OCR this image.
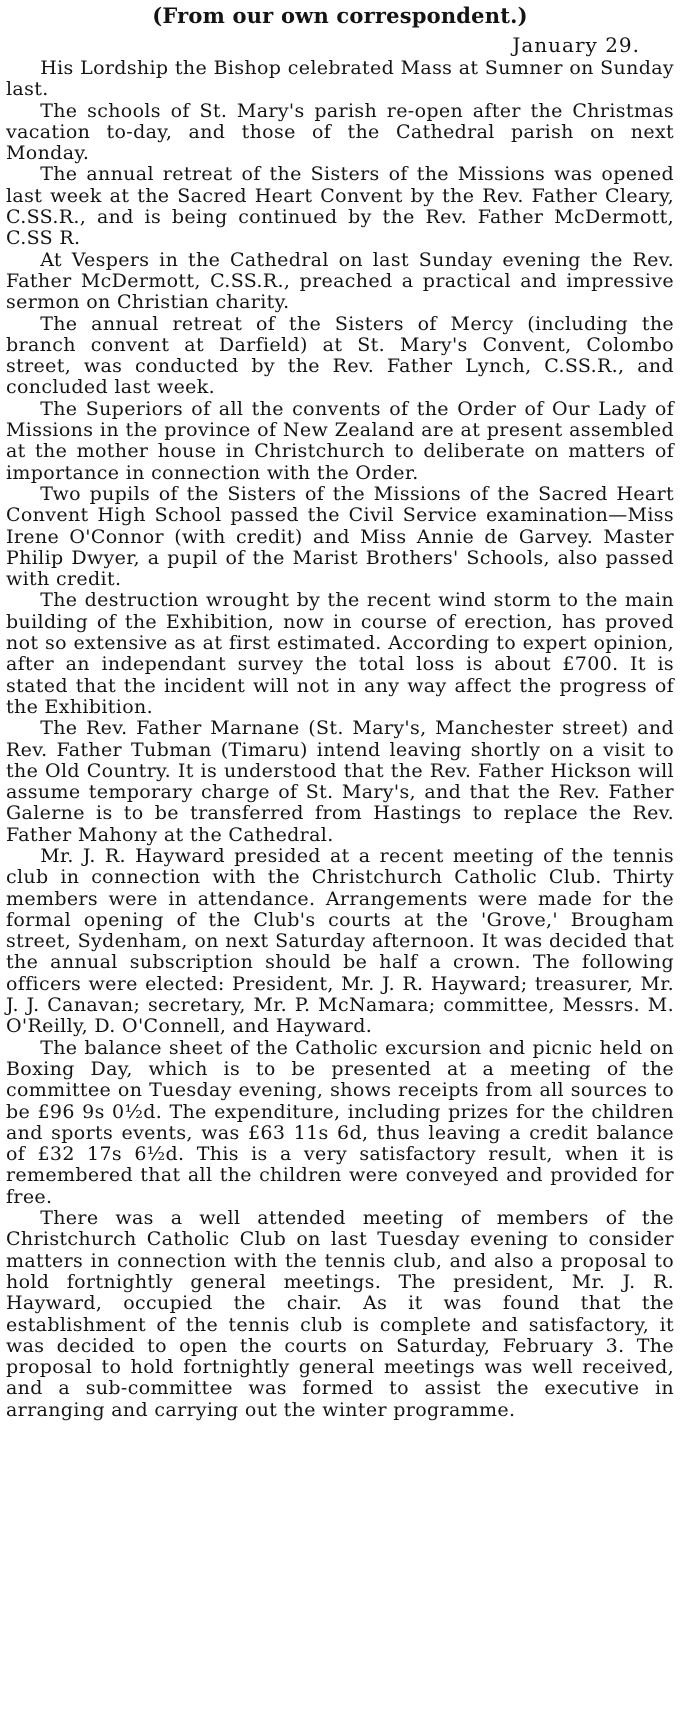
(From our own correspondent.)
January 29.

His Lordship the Bishop celebrated Mass at Sumner on Sunday last.

The schools of St. Mary's parish re-open after the Christmas vacation to-day, and those of the Cathedral parish on next Monday.

The annual retreat of the Sisters of the Missions was opened last week at the Sacred Heart Convent by the Rev. Father Cleary, C.SS.R., and is being continued by the Rev. Father McDermott, C.SS R.

At Vespers in the Cathedral on last Sunday evening the Rev. Father McDermott, C.SS.R., preached a practical and impressive sermon on Christian charity.

The annual retreat of the Sisters of Mercy (including the branch convent at Darfield) at St. Mary's Convent, Colombo street, was conducted by the Rev. Father Lynch, C.SS.R., and concluded last week.

The Superiors of all the convents of the Order of Our Lady of Missions in the province of New Zealand are at present assembled at the mother house in Christchurch to deliberate on matters of importance in connection with the Order.

Two pupils of the Sisters of the Missions of the Sacred Heart Convent High School passed the Civil Service examination—Miss Irene O'Connor (with credit) and Miss Annie de Garvey. Master Philip Dwyer, a pupil of the Marist Brothers' Schools, also passed with credit.

The destruction wrought by the recent wind storm to the main building of the Exhibition, now in course of erection, has proved not so extensive as at first estimated. According to expert opinion, after an independant survey the total loss is about £700. It is stated that the incident will not in any way affect the progress of the Exhibition.

The Rev. Father Marnane (St. Mary's, Manchester street) and Rev. Father Tubman (Timaru) intend leaving shortly on a visit to the Old Country. It is understood that the Rev. Father Hickson will assume temporary charge of St. Mary's, and that the Rev. Father Galerne is to be transferred from Hastings to replace the Rev. Father Mahony at the Cathedral.

Mr. J. R. Hayward presided at a recent meeting of the tennis club in connection with the Christchurch Catholic Club. Thirty members were in attendance. Arrangements were made for the formal opening of the Club's courts at the 'Grove,' Brougham street, Sydenham, on next Saturday afternoon. It was decided that the annual subscription should be half a crown. The following officers were elected: President, Mr. J. R. Hayward; treasurer, Mr. J. J. Canavan; secretary, Mr. P. McNamara; committee, Messrs. M. O'Reilly, D. O'Connell, and Hayward.

The balance sheet of the Catholic excursion and picnic held on Boxing Day, which is to be presented at a meeting of the committee on Tuesday evening, shows receipts from all sources to be £96 9s 0½d. The expenditure, including prizes for the children and sports events, was £63 11s 6d, thus leaving a credit balance of £32 17s 6½d. This is a very satisfactory result, when it is remembered that all the children were conveyed and provided for free.

There was a well attended meeting of members of the Christchurch Catholic Club on last Tuesday evening to consider matters in connection with the tennis club, and also a proposal to hold fortnightly general meetings. The president, Mr. J. R. Hayward, occupied the chair. As it was found that the establishment of the tennis club is complete and satisfactory, it was decided to open the courts on Saturday, February 3. The proposal to hold fortnightly general meetings was well received, and a sub-committee was formed to assist the executive in arranging and carrying out the winter programme.
